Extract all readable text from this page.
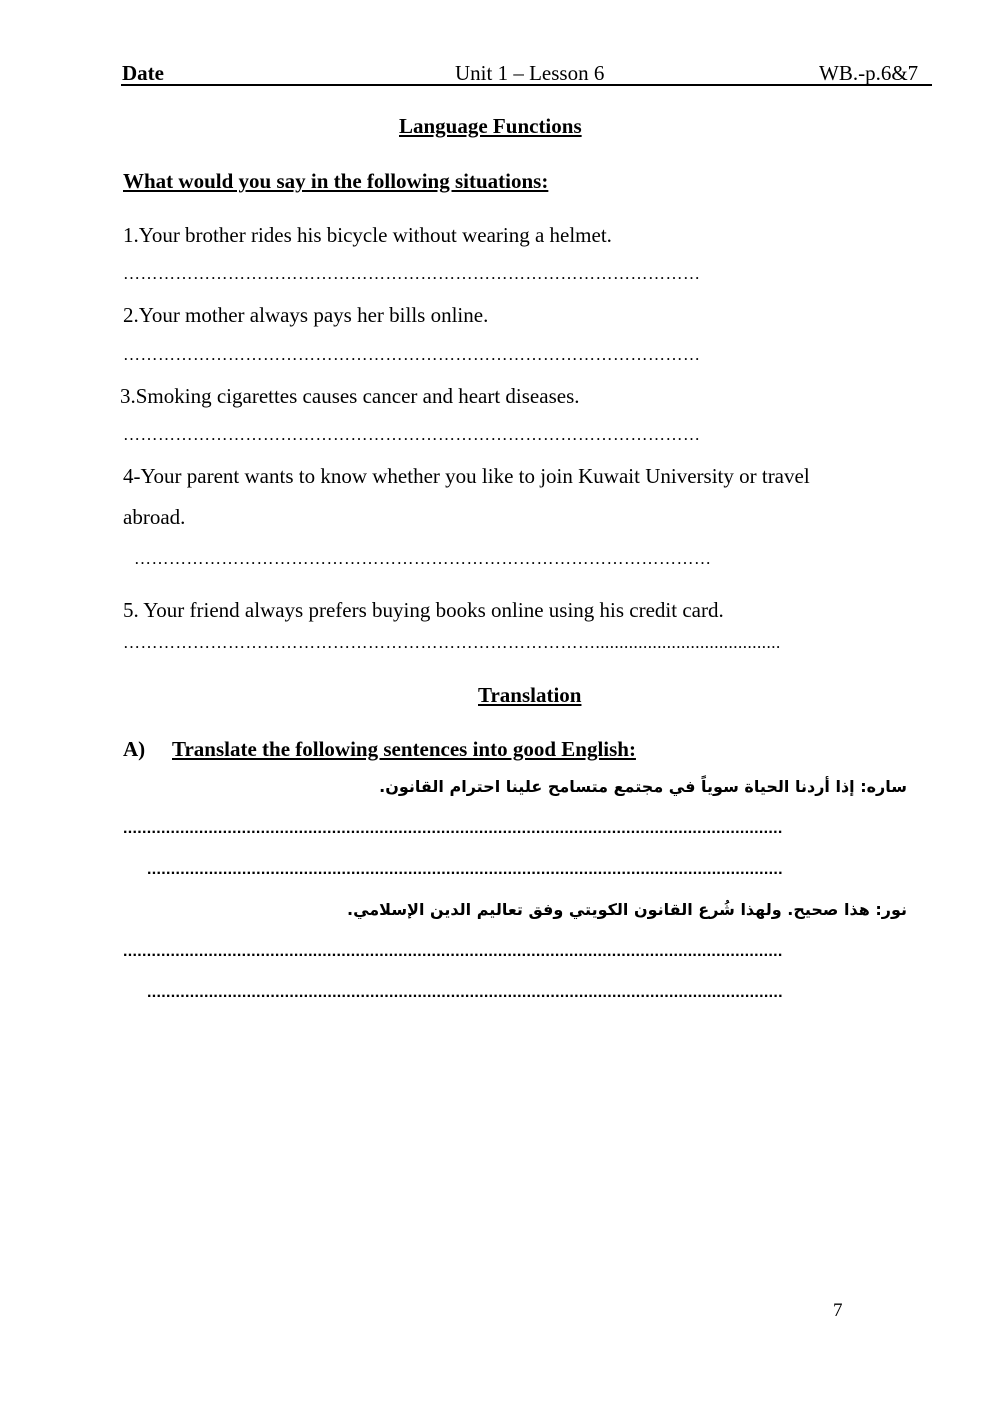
Date	Unit 1 – Lesson 6	WB.-p.6&7
Language Functions
What would you say in the following situations:
1.Your brother rides his bicycle without wearing a helmet.
………………………………………………………………………………………
2.Your mother always pays her bills online.
………………………………………………………………………………………
3.Smoking cigarettes causes cancer and heart diseases.
………………………………………………………………………………………
4-Your parent wants to know whether you like to join Kuwait University or travel
abroad.
………………………………………………………………………………………
5. Your friend always prefers buying books online using his credit card.
……………………………………………………………………….......................................
Translation
A) Translate the following sentences into good English:
ساره: إذا أردنا الحياة سوياً في مجتمع متسامح علينا احترام القانون.
...........................................................................................................................................
......................................................................................................................................
نور: هذا صحيح. ولهذا شُرع القانون الكويتي وفق تعاليم الدين الإسلامي.
...........................................................................................................................................
......................................................................................................................................
7
